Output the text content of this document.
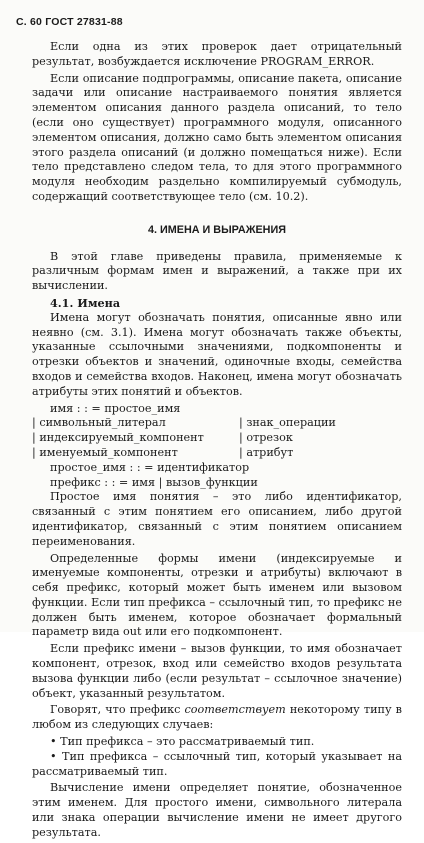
С. 60 ГОСТ 27831-88

Если одна из этих проверок дает отрицательный результат, возбуждается исключение PROGRAM_ERROR.

Если описание подпрограммы, описание пакета, описание задачи или описание настраиваемого понятия является элементом описания данного раздела описаний, то тело (если оно существует) программного модуля, описанного элементом описания, должно само быть элементом описания этого раздела описаний (и должно помещаться ниже). Если тело представлено следом тела, то для этого программного модуля необходим раздельно компилируемый субмодуль, содержащий соответствующее тело (см. 10.2).

4. ИМЕНА И ВЫРАЖЕНИЯ

В этой главе приведены правила, применяемые к различным формам имен и выражений, а также при их вычислении.

4.1. Имена

Имена могут обозначать понятия, описанные явно или неявно (см. 3.1). Имена могут обозначать также объекты, указанные ссылочными значениями, подкомпоненты и отрезки объектов и значений, одиночные входы, семейства входов и семейства входов. Наконец, имена могут обозначать атрибуты этих понятий и объектов.

имя : : = простое_имя

| символьный_литерал	| знак_операции
| индексируемый_компонент	| отрезок
| именуемый_компонент	| атрибут

простое_имя : : = идентификатор

префикс : : = имя | вызов_функции

Простое имя понятия – это либо идентификатор, связанный с этим понятием его описанием, либо другой идентификатор, связанный с этим понятием описанием переименования.

Определенные формы имени (индексируемые и именуемые компоненты, отрезки и атрибуты) включают в себя префикс, который может быть именем или вызовом функции. Если тип префикса – ссылочный тип, то префикс не должен быть именем, которое обозначает формальный параметр вида out или его подкомпонент.

Если префикс имени – вызов функции, то имя обозначает компонент, отрезок, вход или семейство входов результата вызова функции либо (если результат – ссылочное значение) объект, указанный результатом.

Говорят, что префикс соответствует некоторому типу в любом из следующих случаев:

• Тип префикса – это рассматриваемый тип.

• Тип префикса – ссылочный тип, который указывает на рассматриваемый тип.

Вычисление имени определяет понятие, обозначенное этим именем. Для простого имени, символьного литерала или знака операции вычисление имени не имеет другого результата.
